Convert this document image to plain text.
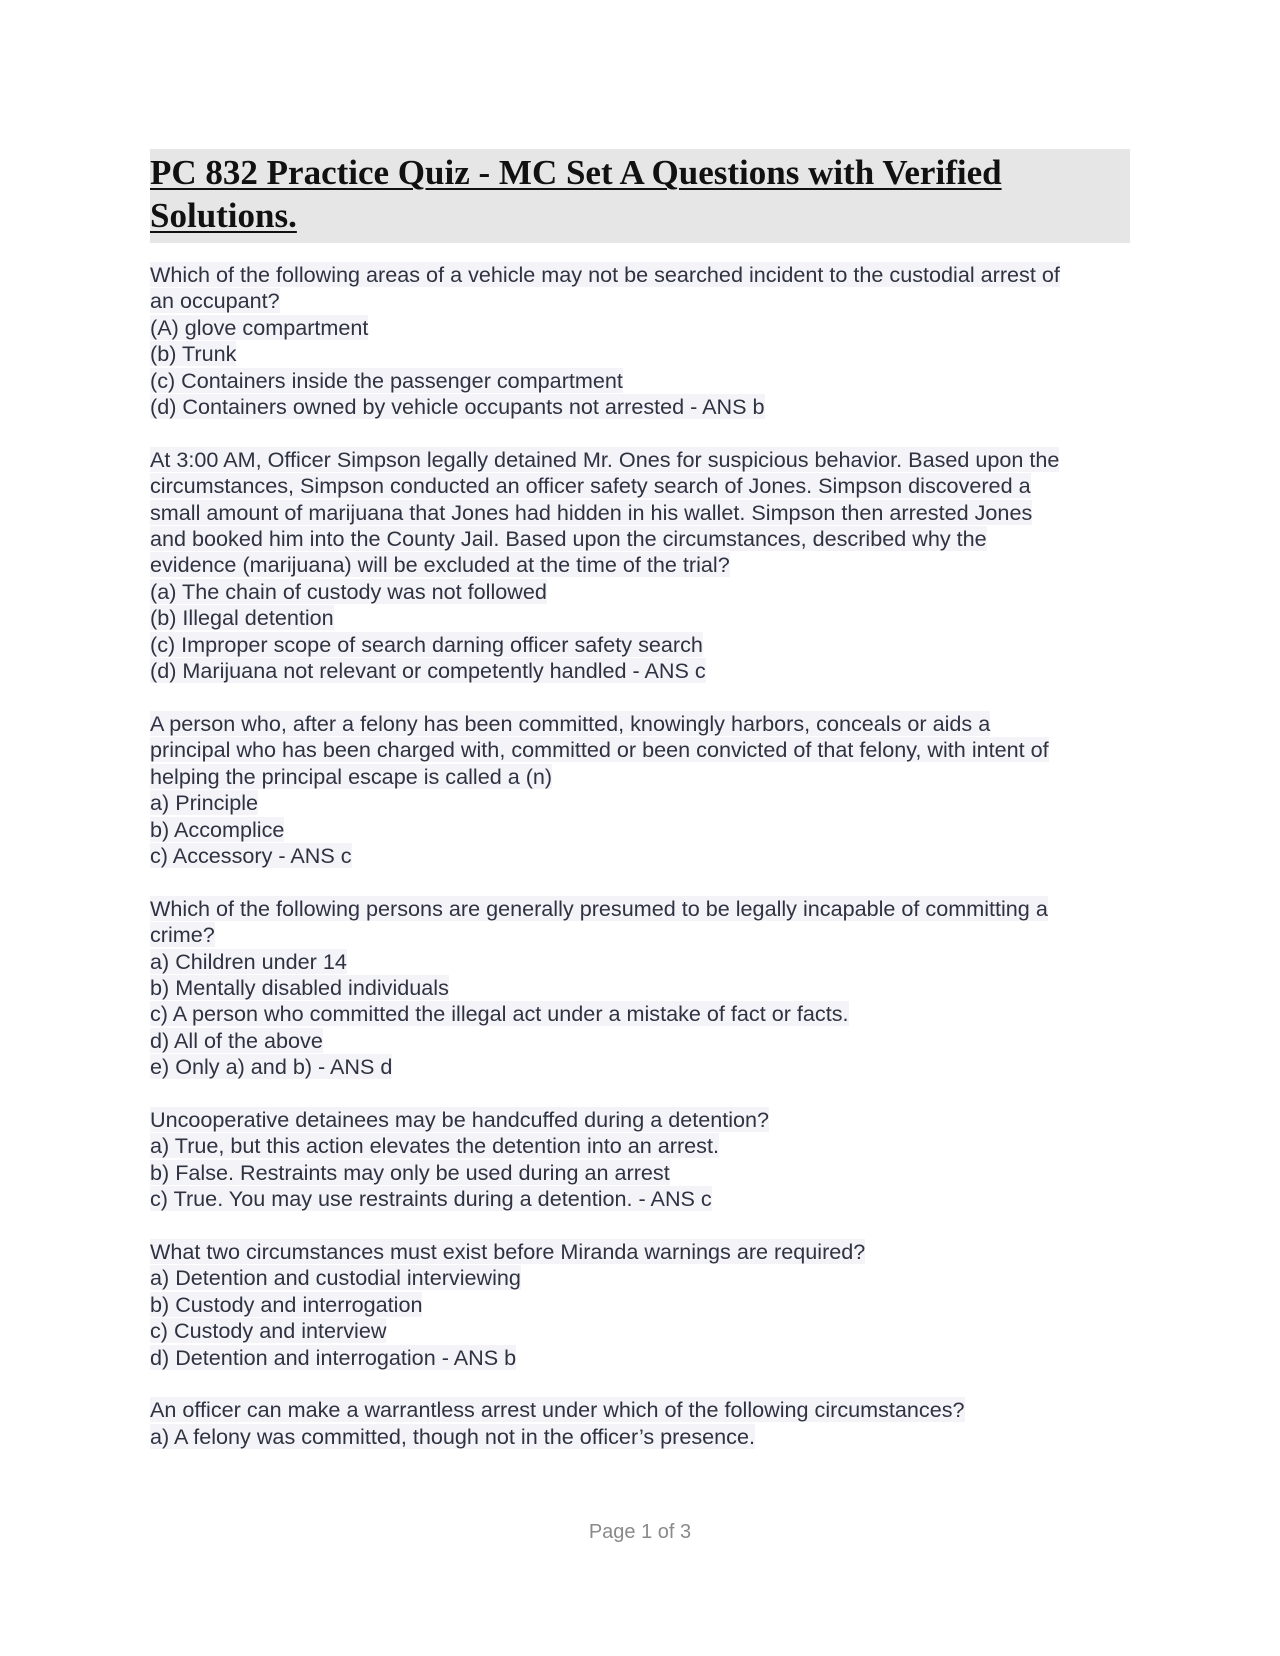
PC 832 Practice Quiz - MC Set A Questions with Verified
Solutions.
Which of the following areas of a vehicle may not be searched incident to the custodial arrest of
an occupant?
(A) glove compartment
(b) Trunk
(c) Containers inside the passenger compartment
(d) Containers owned by vehicle occupants not arrested - ANS b
At 3:00 AM, Officer Simpson legally detained Mr. Ones for suspicious behavior. Based upon the
circumstances, Simpson conducted an officer safety search of Jones. Simpson discovered a
small amount of marijuana that Jones had hidden in his wallet. Simpson then arrested Jones
and booked him into the County Jail. Based upon the circumstances, described why the
evidence (marijuana) will be excluded at the time of the trial?
(a) The chain of custody was not followed
(b) Illegal detention
(c) Improper scope of search darning officer safety search
(d) Marijuana not relevant or competently handled - ANS c
A person who, after a felony has been committed, knowingly harbors, conceals or aids a
principal who has been charged with, committed or been convicted of that felony, with intent of
helping the principal escape is called a (n)
a) Principle
b) Accomplice
c) Accessory - ANS c
Which of the following persons are generally presumed to be legally incapable of committing a
crime?
a) Children under 14
b) Mentally disabled individuals
c) A person who committed the illegal act under a mistake of fact or facts.
d) All of the above
e) Only a) and b) - ANS d
Uncooperative detainees may be handcuffed during a detention?
a) True, but this action elevates the detention into an arrest.
b) False. Restraints may only be used during an arrest
c) True. You may use restraints during a detention. - ANS c
What two circumstances must exist before Miranda warnings are required?
a) Detention and custodial interviewing
b) Custody and interrogation
c) Custody and interview
d) Detention and interrogation - ANS b
An officer can make a warrantless arrest under which of the following circumstances?
a) A felony was committed, though not in the officer’s presence.
Page 1 of 3
